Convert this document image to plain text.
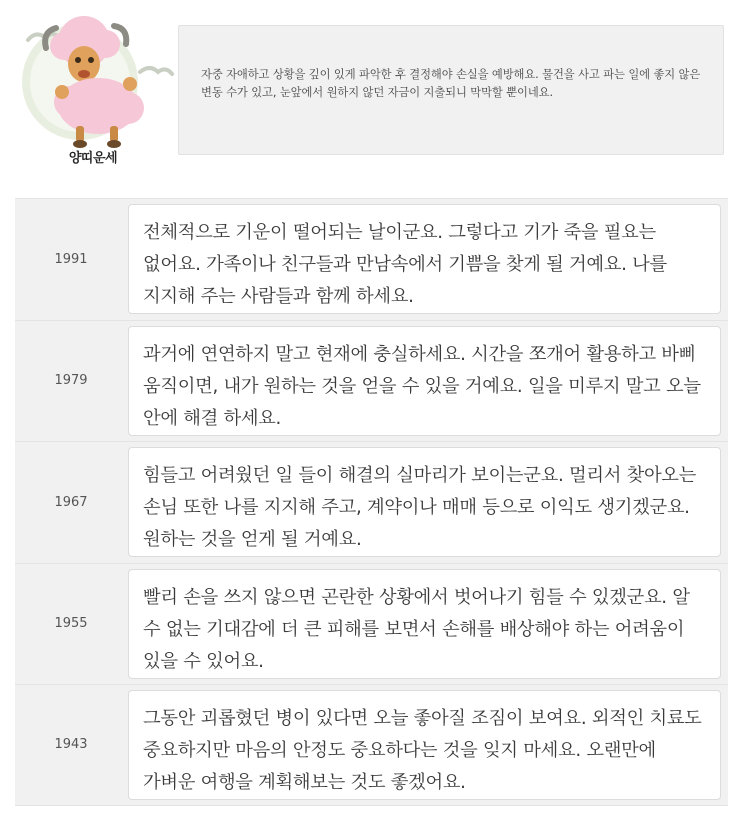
양띠운세
자중 자애하고 상황을 깊이 있게 파악한 후 결정해야 손실을 예방해요. 물건을 사고 파는 일에 좋지 않은 변동 수가 있고, 눈앞에서 원하지 않던 자금이 지출되니 막막할 뿐이네요.
1991

전체적으로 기운이 떨어되는 날이군요. 그렇다고 기가 죽을 필요는 없어요. 가족이나 친구들과 만남속에서 기쁨을 찾게 될 거예요. 나를 지지해 주는 사람들과 함께 하세요.

1979

과거에 연연하지 말고 현재에 충실하세요. 시간을 쪼개어 활용하고 바삐 움직이면, 내가 원하는 것을 얻을 수 있을 거예요. 일을 미루지 말고 오늘 안에 해결 하세요.

1967

힘들고 어려웠던 일 들이 해결의 실마리가 보이는군요. 멀리서 찾아오는 손님 또한 나를 지지해 주고, 계약이나 매매 등으로 이익도 생기겠군요. 원하는 것을 얻게 될 거예요.

1955

빨리 손을 쓰지 않으면 곤란한 상황에서 벗어나기 힘들 수 있겠군요. 알 수 없는 기대감에 더 큰 피해를 보면서 손해를 배상해야 하는 어려움이 있을 수 있어요.

1943

그동안 괴롭혔던 병이 있다면 오늘 좋아질 조짐이 보여요. 외적인 치료도 중요하지만 마음의 안정도 중요하다는 것을 잊지 마세요. 오랜만에 가벼운 여행을 계획해보는 것도 좋겠어요.
